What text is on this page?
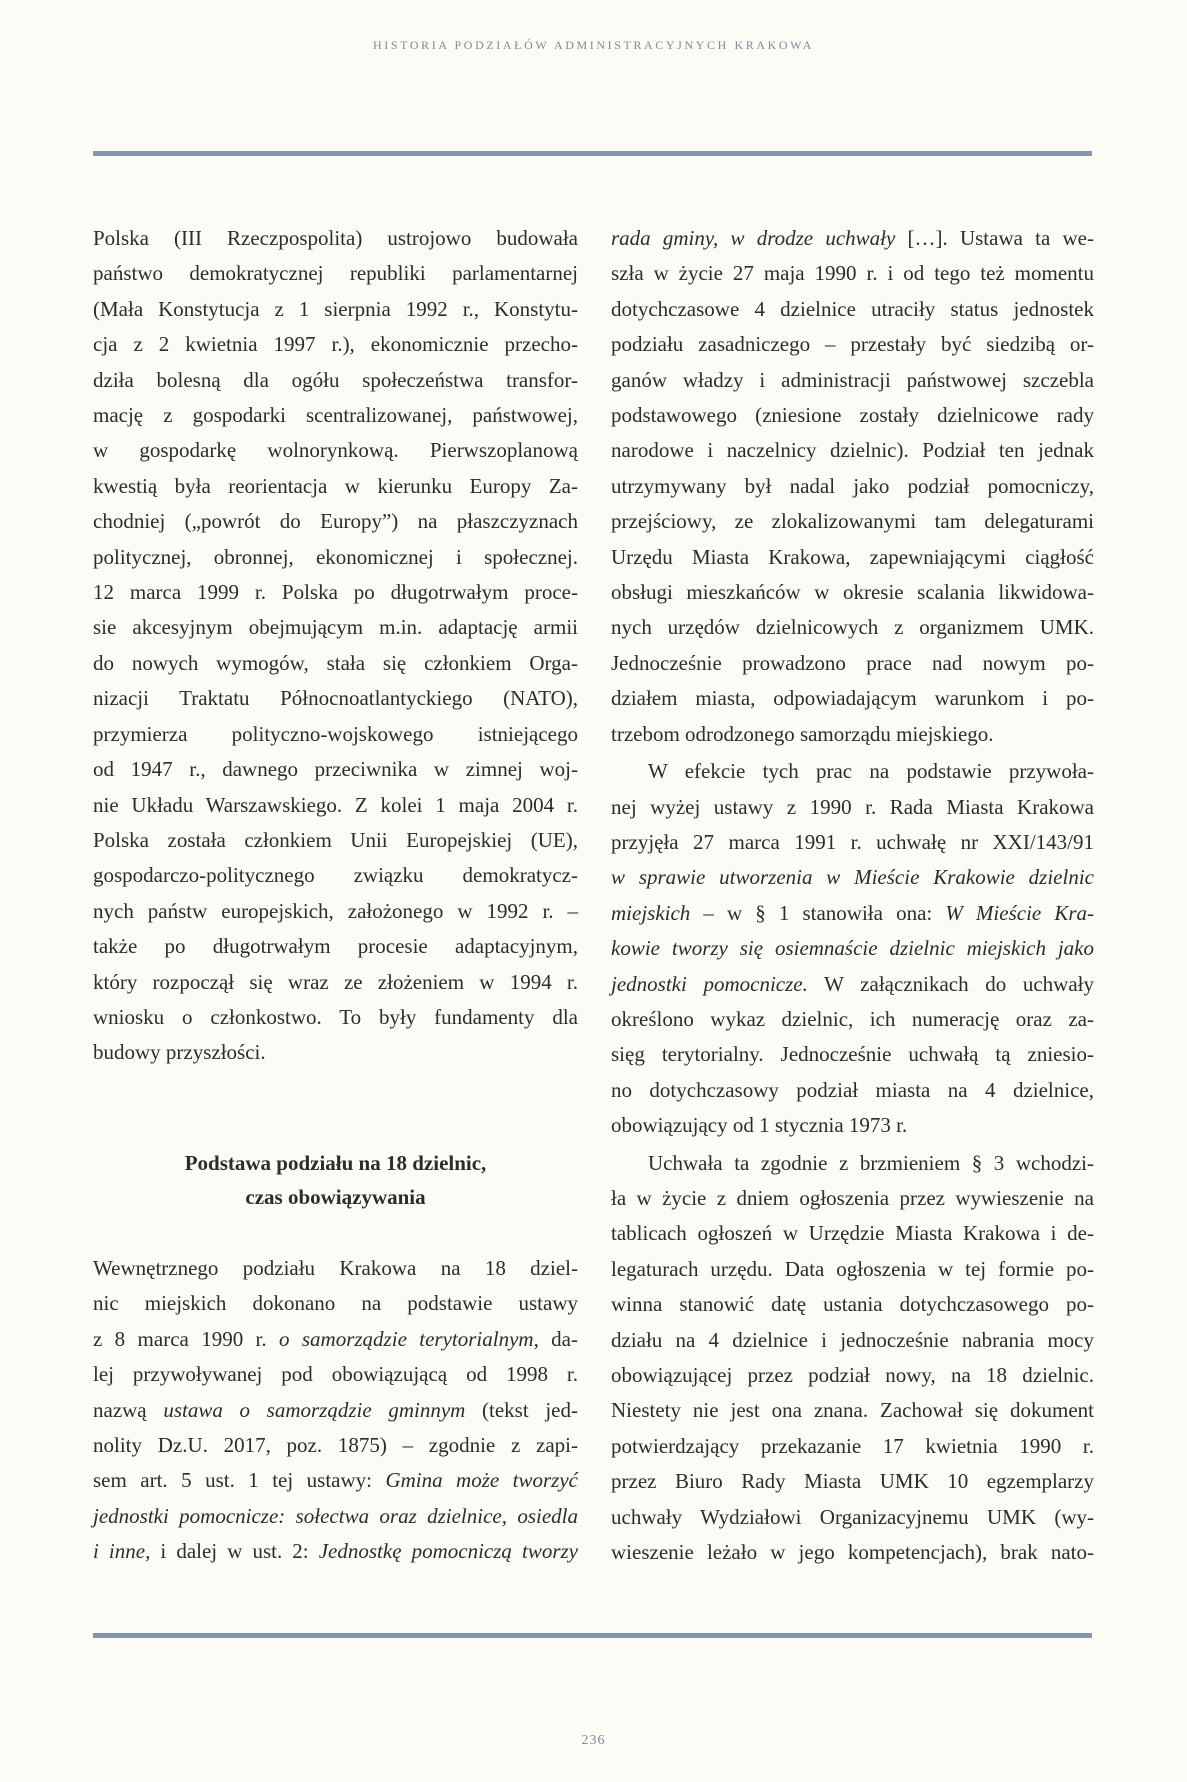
HISTORIA PODZIAŁÓW ADMINISTRACYJNYCH KRAKOWA
Polska (III Rzeczpospolita) ustrojowo budowała
państwo demokratycznej republiki parlamentarnej
(Mała Konstytucja z 1 sierpnia 1992 r., Konstytu-
cja z 2 kwietnia 1997 r.), ekonomicznie przecho-
dziła bolesną dla ogółu społeczeństwa transfor-
mację z gospodarki scentralizowanej, państwowej,
w gospodarkę wolnorynkową. Pierwszoplanową
kwestią była reorientacja w kierunku Europy Za-
chodniej („powrót do Europy”) na płaszczyznach
politycznej, obronnej, ekonomicznej i społecznej.
12 marca 1999 r. Polska po długotrwałym proce-
sie akcesyjnym obejmującym m.in. adaptację armii
do nowych wymogów, stała się członkiem Orga-
nizacji Traktatu Północnoatlantyckiego (NATO),
przymierza polityczno-wojskowego istniejącego
od 1947 r., dawnego przeciwnika w zimnej woj-
nie Układu Warszawskiego. Z kolei 1 maja 2004 r.
Polska została członkiem Unii Europejskiej (UE),
gospodarczo-politycznego związku demokratycz-
nych państw europejskich, założonego w 1992 r. –
także po długotrwałym procesie adaptacyjnym,
który rozpoczął się wraz ze złożeniem w 1994 r.
wniosku o członkostwo. To były fundamenty dla
budowy przyszłości.
Podstawa podziału na 18 dzielnic,
czas obowiązywania
Wewnętrznego podziału Krakowa na 18 dziel-
nic miejskich dokonano na podstawie ustawy
z 8 marca 1990 r. o samorządzie terytorialnym, da-
lej przywoływanej pod obowiązującą od 1998 r.
nazwą ustawa o samorządzie gminnym (tekst jed-
nolity Dz.U. 2017, poz. 1875) – zgodnie z zapi-
sem art. 5 ust. 1 tej ustawy: Gmina może tworzyć
jednostki pomocnicze: sołectwa oraz dzielnice, osiedla
i inne, i dalej w ust. 2: Jednostkę pomocniczą tworzy
rada gminy, w drodze uchwały […]. Ustawa ta we-
szła w życie 27 maja 1990 r. i od tego też momentu
dotychczasowe 4 dzielnice utraciły status jednostek
podziału zasadniczego – przestały być siedzibą or-
ganów władzy i administracji państwowej szczebla
podstawowego (zniesione zostały dzielnicowe rady
narodowe i naczelnicy dzielnic). Podział ten jednak
utrzymywany był nadal jako podział pomocniczy,
przejściowy, ze zlokalizowanymi tam delegaturami
Urzędu Miasta Krakowa, zapewniającymi ciągłość
obsługi mieszkańców w okresie scalania likwidowa-
nych urzędów dzielnicowych z organizmem UMK.
Jednocześnie prowadzono prace nad nowym po-
działem miasta, odpowiadającym warunkom i po-
trzebom odrodzonego samorządu miejskiego.
W efekcie tych prac na podstawie przywoła-
nej wyżej ustawy z 1990 r. Rada Miasta Krakowa
przyjęła 27 marca 1991 r. uchwałę nr XXI/143/91
w sprawie utworzenia w Mieście Krakowie dzielnic
miejskich – w § 1 stanowiła ona: W Mieście Kra-
kowie tworzy się osiemnaście dzielnic miejskich jako
jednostki pomocnicze. W załącznikach do uchwały
określono wykaz dzielnic, ich numerację oraz za-
sięg terytorialny. Jednocześnie uchwałą tą zniesio-
no dotychczasowy podział miasta na 4 dzielnice,
obowiązujący od 1 stycznia 1973 r.
Uchwała ta zgodnie z brzmieniem § 3 wchodzi-
ła w życie z dniem ogłoszenia przez wywieszenie na
tablicach ogłoszeń w Urzędzie Miasta Krakowa i de-
legaturach urzędu. Data ogłoszenia w tej formie po-
winna stanowić datę ustania dotychczasowego po-
działu na 4 dzielnice i jednocześnie nabrania mocy
obowiązującej przez podział nowy, na 18 dzielnic.
Niestety nie jest ona znana. Zachował się dokument
potwierdzający przekazanie 17 kwietnia 1990 r.
przez Biuro Rady Miasta UMK 10 egzemplarzy
uchwały Wydziałowi Organizacyjnemu UMK (wy-
wieszenie leżało w jego kompetencjach), brak nato-
236
